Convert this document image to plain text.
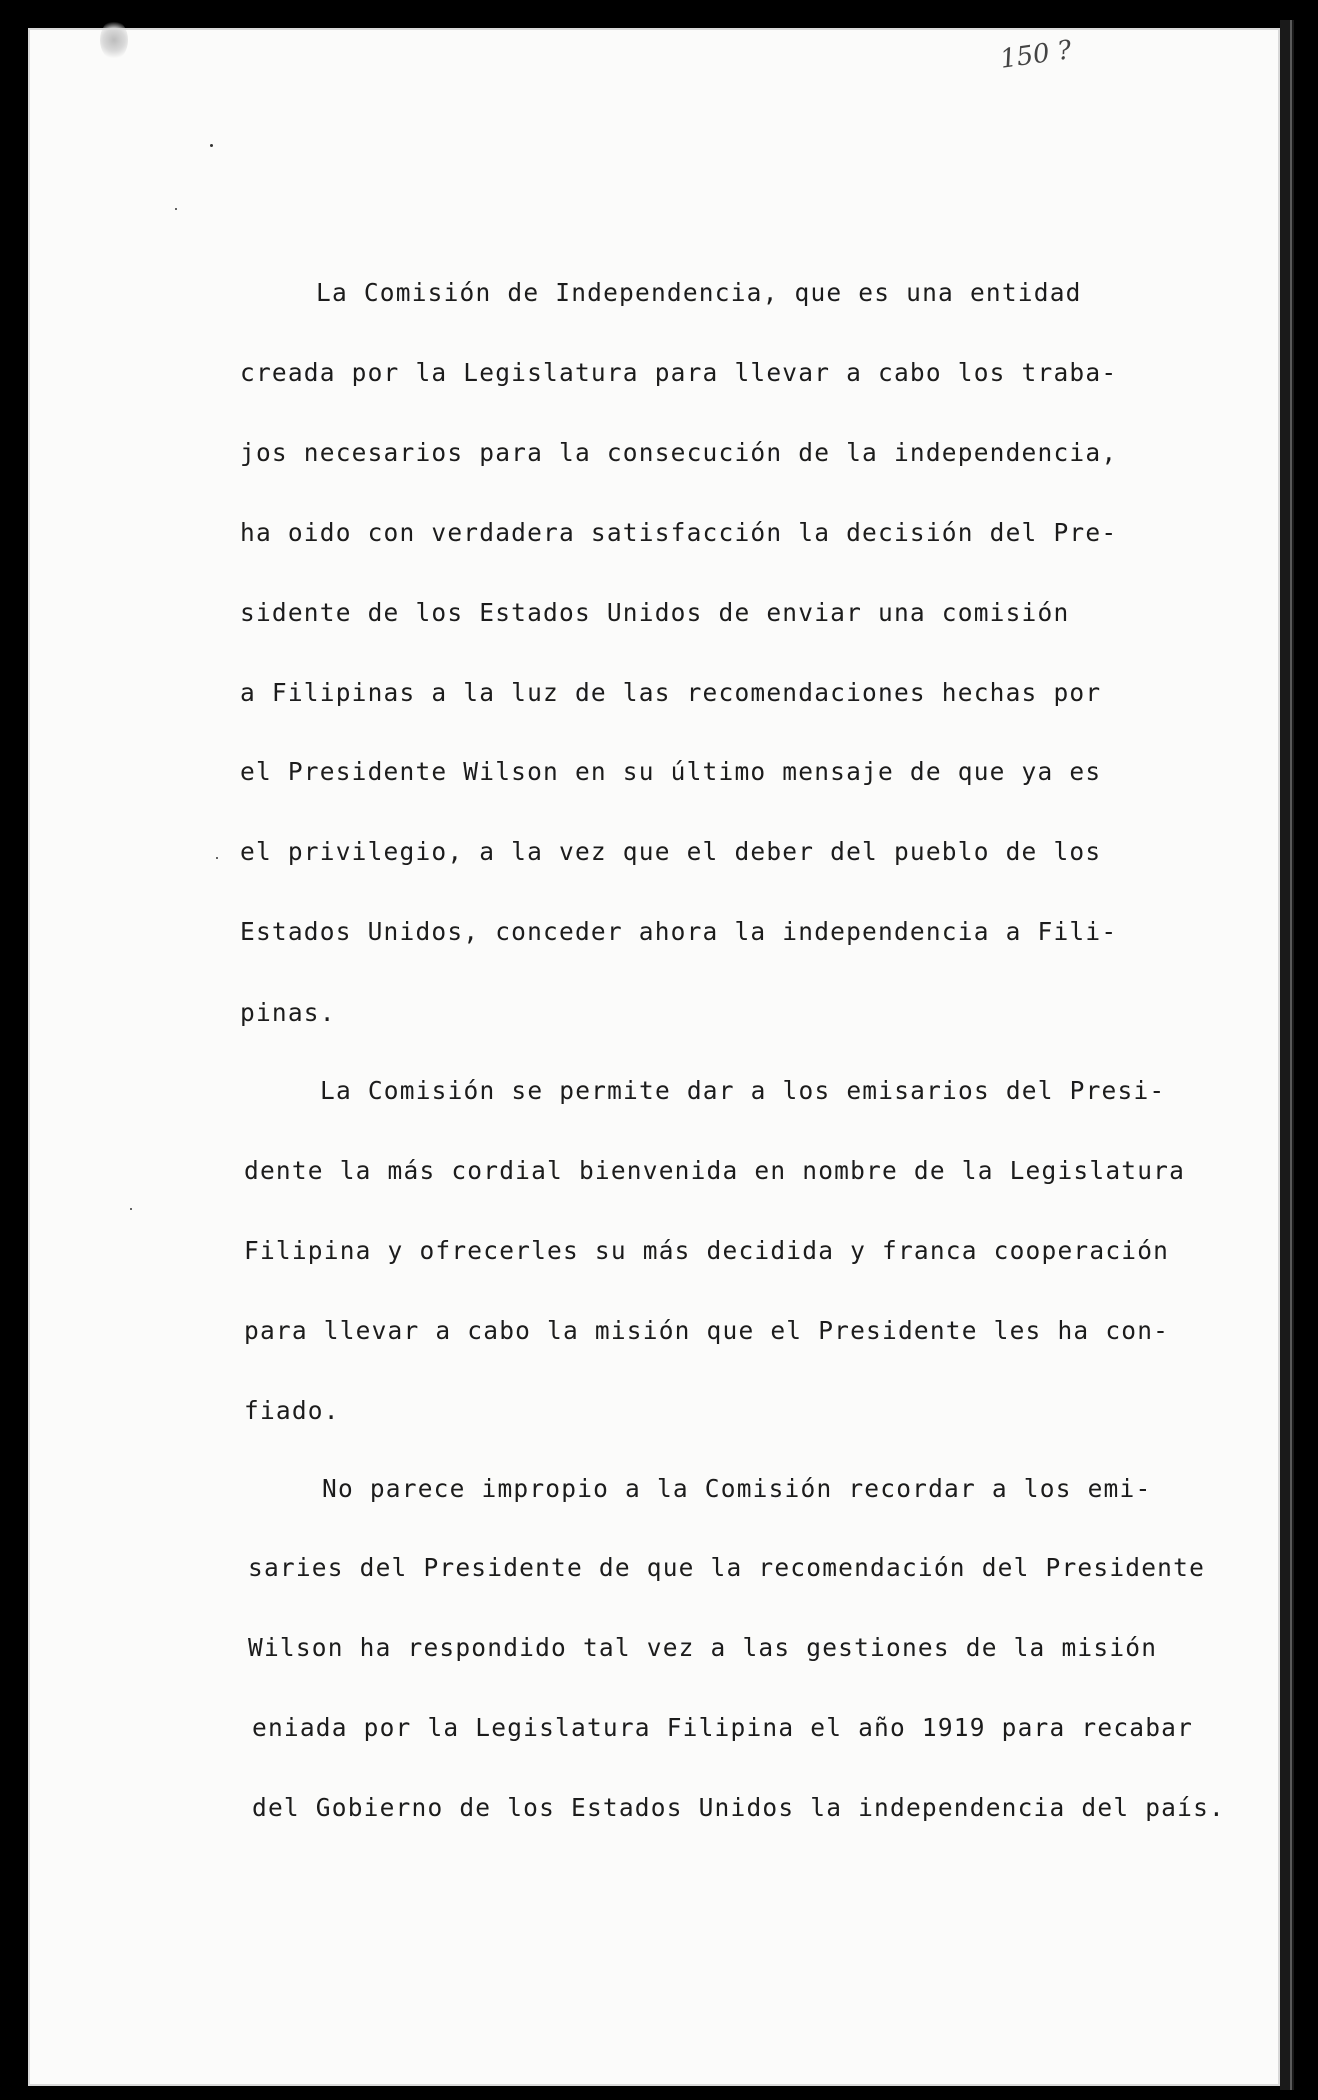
150 ?
La Comisión de Independencia, que es una entidad
creada por la Legislatura para llevar a cabo los traba-
jos necesarios para la consecución de la independencia,
ha oido con verdadera satisfacción la decisión del Pre-
sidente de los Estados Unidos de enviar una comisión
a Filipinas a la luz de las recomendaciones hechas por
el Presidente Wilson en su último mensaje de que ya es
el privilegio, a la vez que el deber del pueblo de los
Estados Unidos, conceder ahora la independencia a Fili-
pinas.
La Comisión se permite dar a los emisarios del Presi-
dente la más cordial bienvenida en nombre de la Legislatura
Filipina y ofrecerles su más decidida y franca cooperación
para llevar a cabo la misión que el Presidente les ha con-
fiado.
No parece impropio a la Comisión recordar a los emi-
saries del Presidente de que la recomendación del Presidente
Wilson ha respondido tal vez a las gestiones de la misión
eniada por la Legislatura Filipina el año 1919 para recabar
del Gobierno de los Estados Unidos la independencia del país.
